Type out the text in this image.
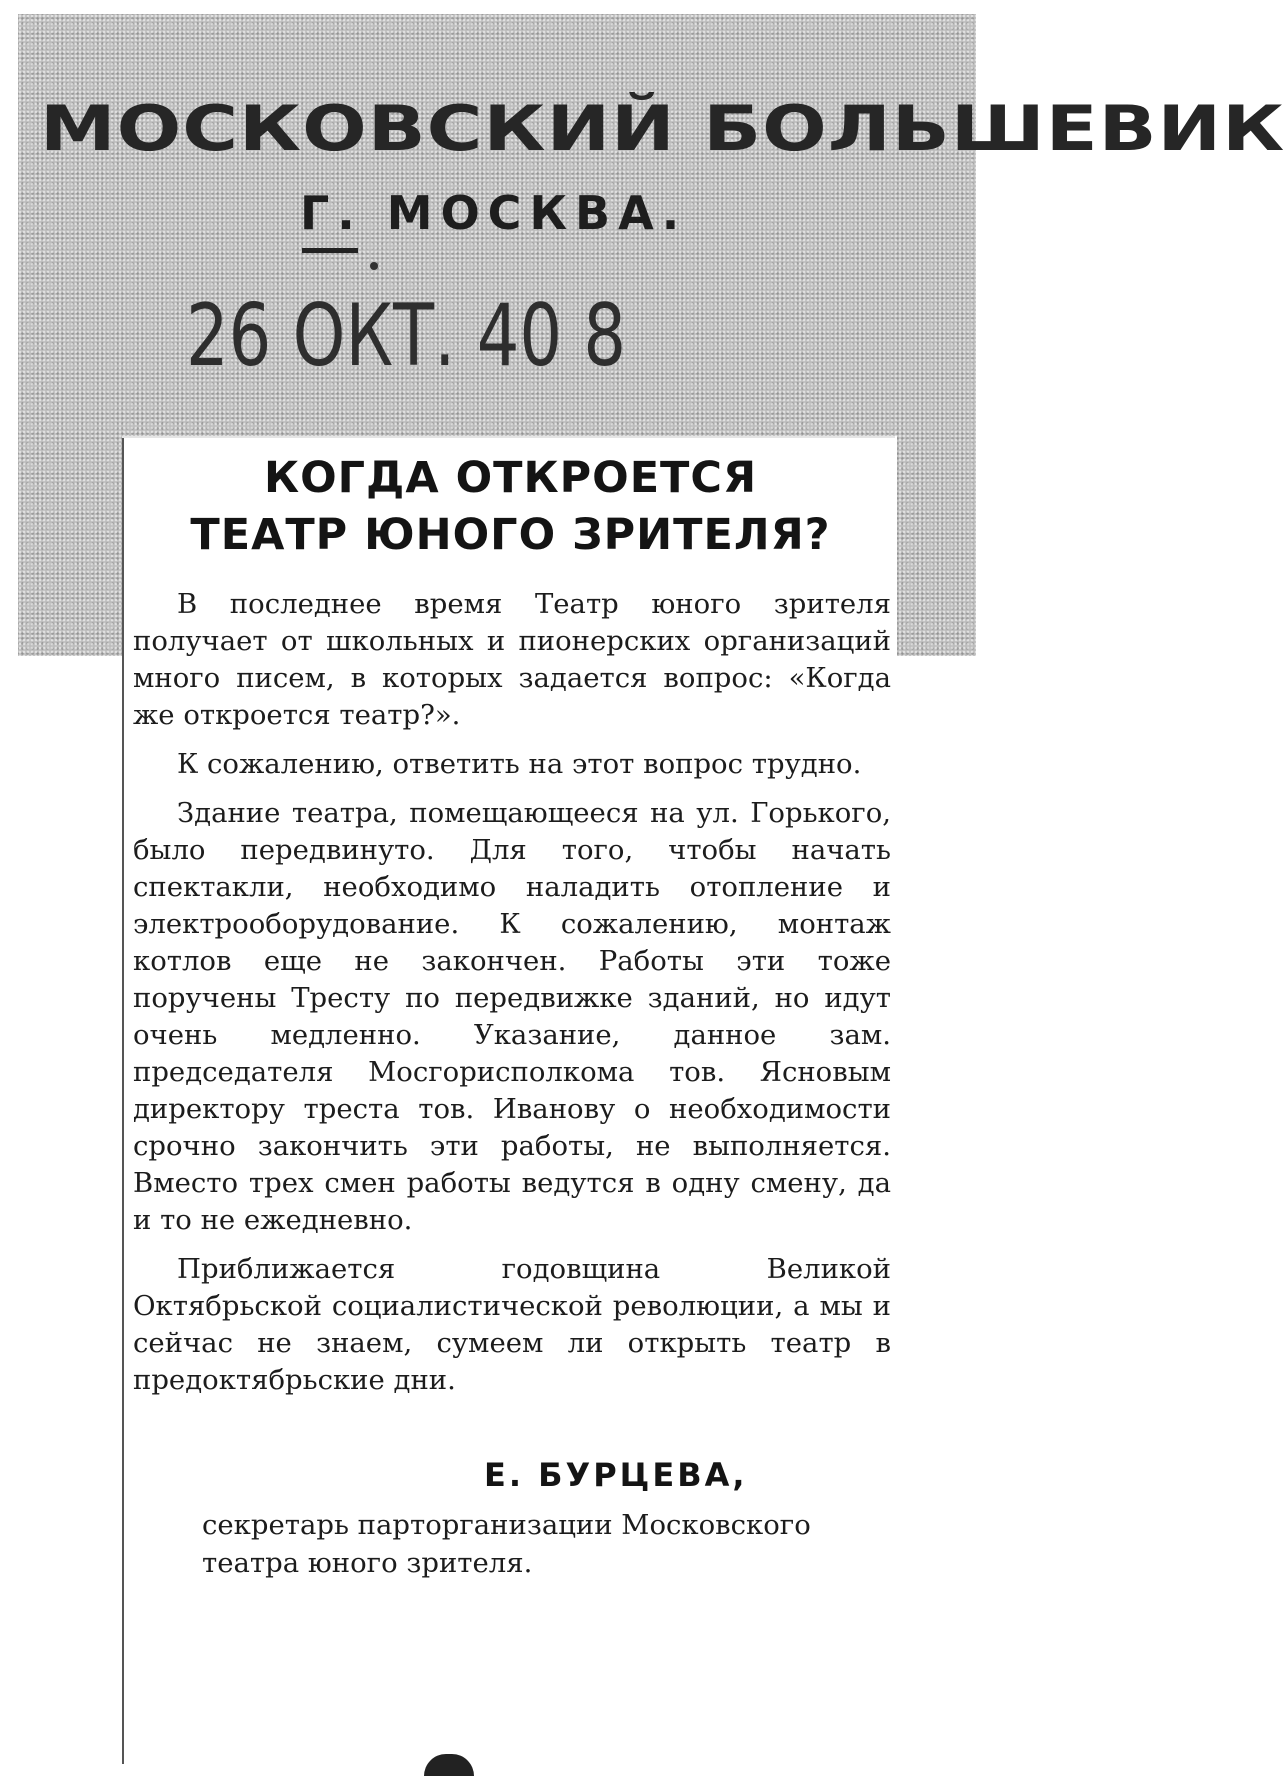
МОСКОВСКИЙ БОЛЬШЕВИК
Г. МОСКВА.
26 ОКТ. 40 8
КОГДА ОТКРОЕТСЯ
ТЕАТР ЮНОГО ЗРИТЕЛЯ?

В последнее время Театр юного зрителя получает от школьных и пионерских организаций много писем, в которых задается вопрос: «Когда же откроется театр?».

К сожалению, ответить на этот вопрос трудно.

Здание театра, помещающееся на ул. Горького, было передвинуто. Для того, чтобы начать спектакли, необходимо наладить отопление и электрооборудование. К сожалению, монтаж котлов еще не закончен. Работы эти тоже поручены Тресту по передвижке зданий, но идут очень медленно. Указание, данное зам. председателя Мосгорисполкома тов. Ясновым директору треста тов. Иванову о необходимости срочно закончить эти работы, не выполняется. Вместо трех смен работы ведутся в одну смену, да и то не ежедневно.

Приближается годовщина Великой Октябрьской социалистической революции, а мы и сейчас не знаем, сумеем ли открыть театр в предоктябрьские дни.

Е. БУРЦЕВА,
секретарь парторганизации Московского театра юного зрителя.
